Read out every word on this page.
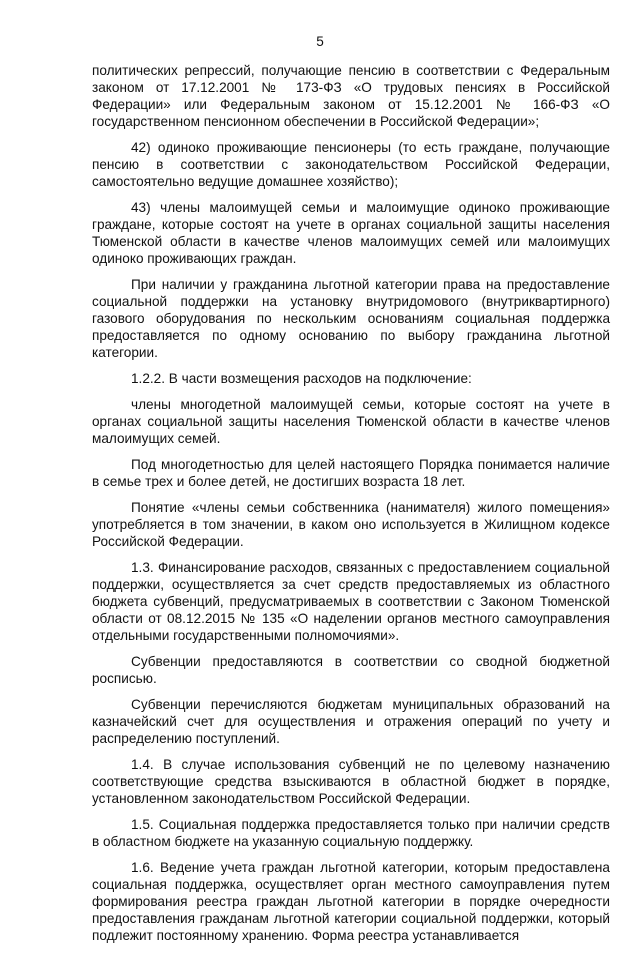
5

политических репрессий, получающие пенсию в соответствии с Федеральным законом от 17.12.2001 № 173-ФЗ «О трудовых пенсиях в Российской Федерации» или Федеральным законом от 15.12.2001 № 166-ФЗ «О государственном пенсионном обеспечении в Российской Федерации»;

42) одиноко проживающие пенсионеры (то есть граждане, получающие пенсию в соответствии с законодательством Российской Федерации, самостоятельно ведущие домашнее хозяйство);

43) члены малоимущей семьи и малоимущие одиноко проживающие граждане, которые состоят на учете в органах социальной защиты населения Тюменской области в качестве членов малоимущих семей или малоимущих одиноко проживающих граждан.

При наличии у гражданина льготной категории права на предоставление социальной поддержки на установку внутридомового (внутриквартирного) газового оборудования по нескольким основаниям социальная поддержка предоставляется по одному основанию по выбору гражданина льготной категории.

1.2.2. В части возмещения расходов на подключение:

члены многодетной малоимущей семьи, которые состоят на учете в органах социальной защиты населения Тюменской области в качестве членов малоимущих семей.

Под многодетностью для целей настоящего Порядка понимается наличие в семье трех и более детей, не достигших возраста 18 лет.

Понятие «члены семьи собственника (нанимателя) жилого помещения» употребляется в том значении, в каком оно используется в Жилищном кодексе Российской Федерации.

1.3. Финансирование расходов, связанных с предоставлением социальной поддержки, осуществляется за счет средств предоставляемых из областного бюджета субвенций, предусматриваемых в соответствии с Законом Тюменской области от 08.12.2015 № 135 «О наделении органов местного самоуправления отдельными государственными полномочиями».

Субвенции предоставляются в соответствии со сводной бюджетной росписью.

Субвенции перечисляются бюджетам муниципальных образований на казначейский счет для осуществления и отражения операций по учету и распределению поступлений.

1.4. В случае использования субвенций не по целевому назначению соответствующие средства взыскиваются в областной бюджет в порядке, установленном законодательством Российской Федерации.

1.5. Социальная поддержка предоставляется только при наличии средств в областном бюджете на указанную социальную поддержку.

1.6. Ведение учета граждан льготной категории, которым предоставлена социальная поддержка, осуществляет орган местного самоуправления путем формирования реестра граждан льготной категории в порядке очередности предоставления гражданам льготной категории социальной поддержки, который подлежит постоянному хранению. Форма реестра устанавливается
